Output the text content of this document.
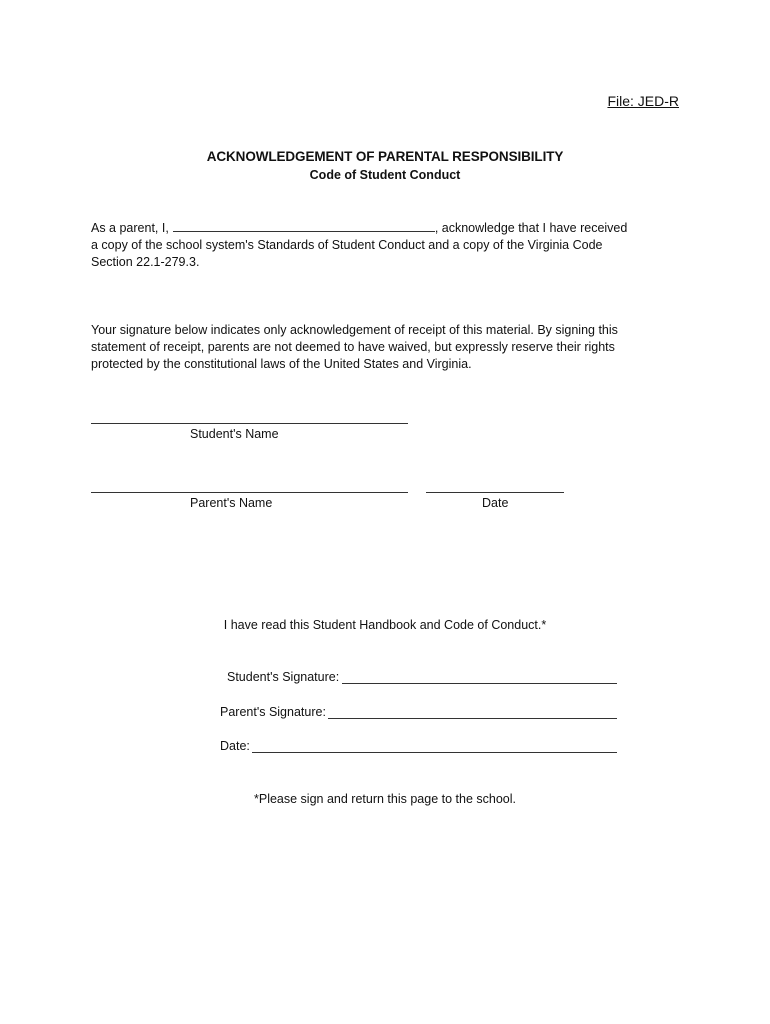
File: JED-R
ACKNOWLEDGEMENT OF PARENTAL RESPONSIBILITY
Code of Student Conduct
As a parent, I,	, acknowledge that I have received a copy of the school system's Standards of Student Conduct and a copy of the Virginia Code Section 22.1-279.3.
Your signature below indicates only acknowledgement of receipt of this material. By signing this statement of receipt, parents are not deemed to have waived, but expressly reserve their rights protected by the constitutional laws of the United States and Virginia.
Student's Name
Parent's Name	Date
I have read this Student Handbook and Code of Conduct.*
Student's Signature:
Parent's Signature:
Date:
*Please sign and return this page to the school.
